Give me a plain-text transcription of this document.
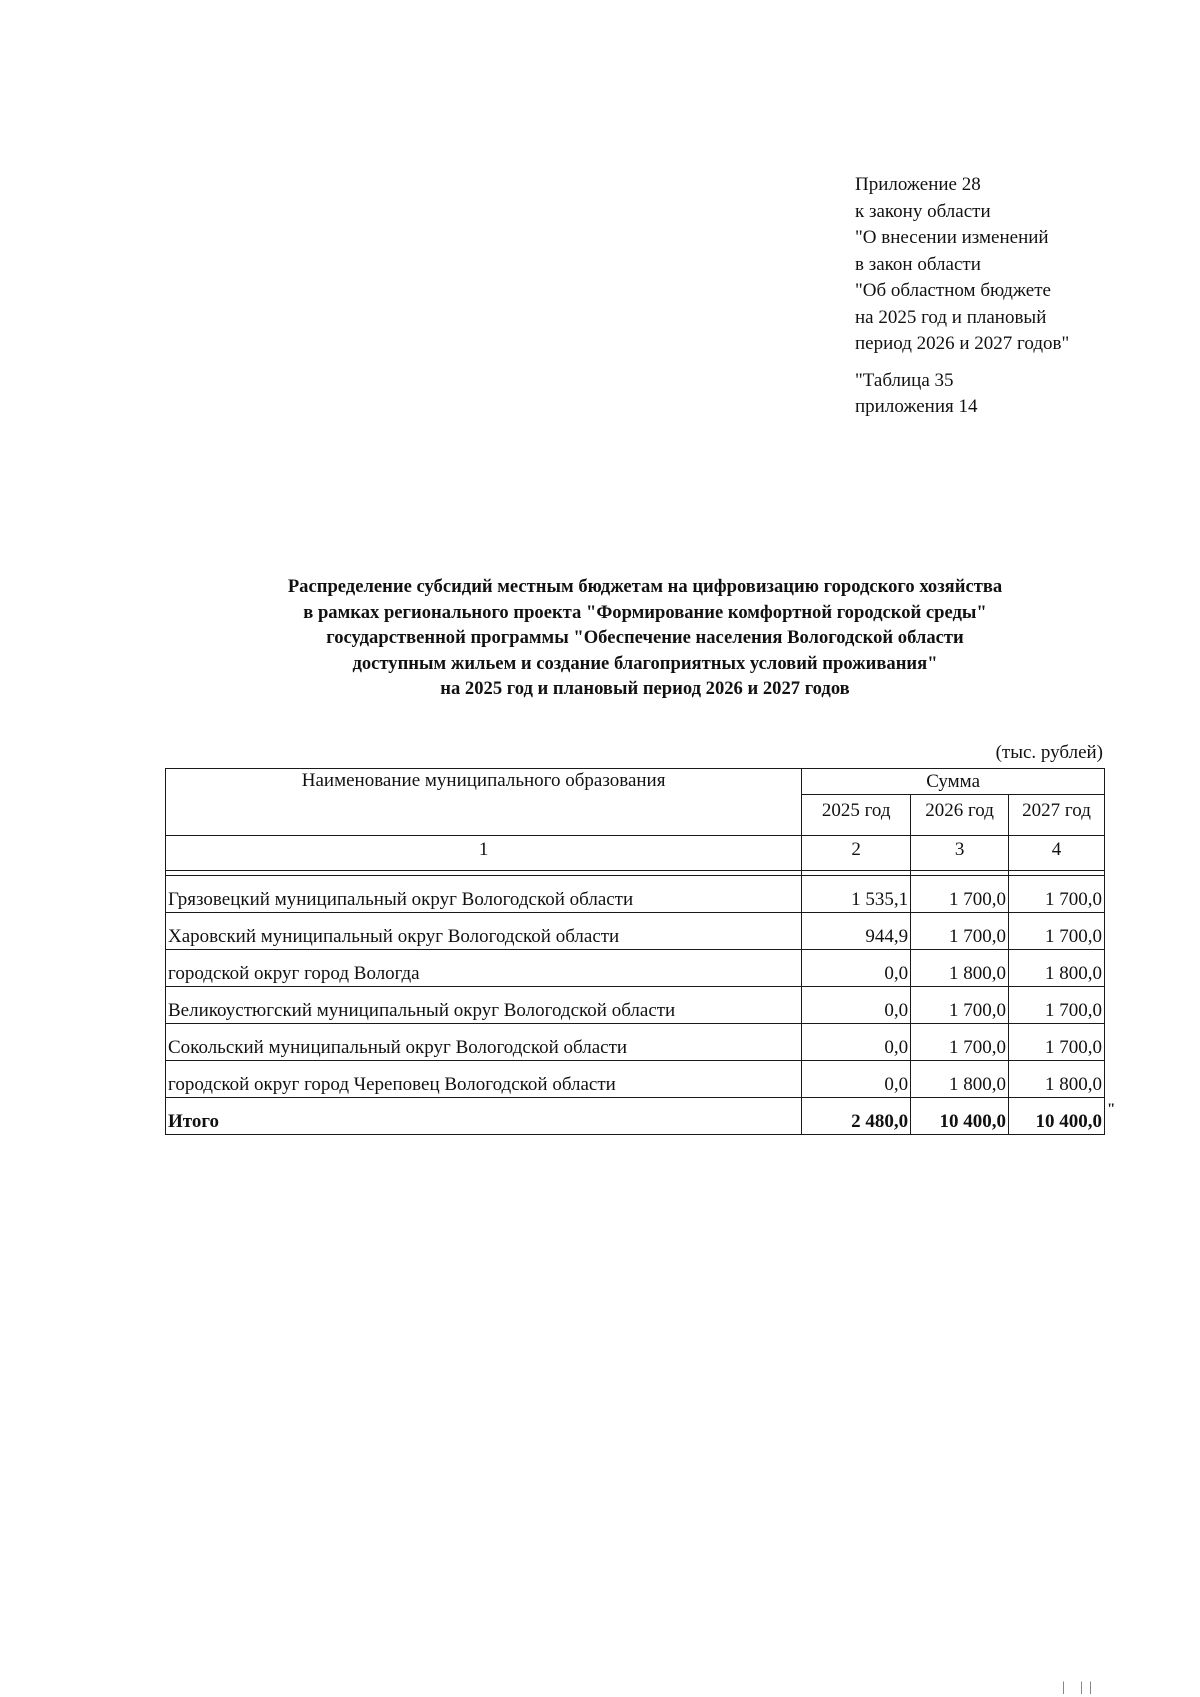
Приложение 28
к закону области
"О внесении изменений
в закон области
"Об областном бюджете
на 2025 год и плановый
период 2026 и 2027 годов"
"Таблица 35
приложения 14
Распределение субсидий местным бюджетам на цифровизацию городского хозяйства
в рамках регионального проекта "Формирование комфортной городской среды"
государственной программы "Обеспечение населения Вологодской области
доступным жильем и создание благоприятных условий проживания"
на 2025 год и плановый период 2026 и 2027 годов
(тыс. рублей)
Наименование муниципального образования	Сумма		
	2025 год	2026 год	2027 год
1	2	3	4

Грязовецкий муниципальный округ Вологодской области	1 535,1	1 700,0	1 700,0
Харовский муниципальный округ Вологодской области	944,9	1 700,0	1 700,0
городской округ город Вологда	0,0	1 800,0	1 800,0
Великоустюгский муниципальный округ Вологодской области	0,0	1 700,0	1 700,0
Сокольский муниципальный округ Вологодской области	0,0	1 700,0	1 700,0
городской округ город Череповец Вологодской области	0,0	1 800,0	1 800,0
Итого	2 480,0	10 400,0	10 400,0
"
| ||
